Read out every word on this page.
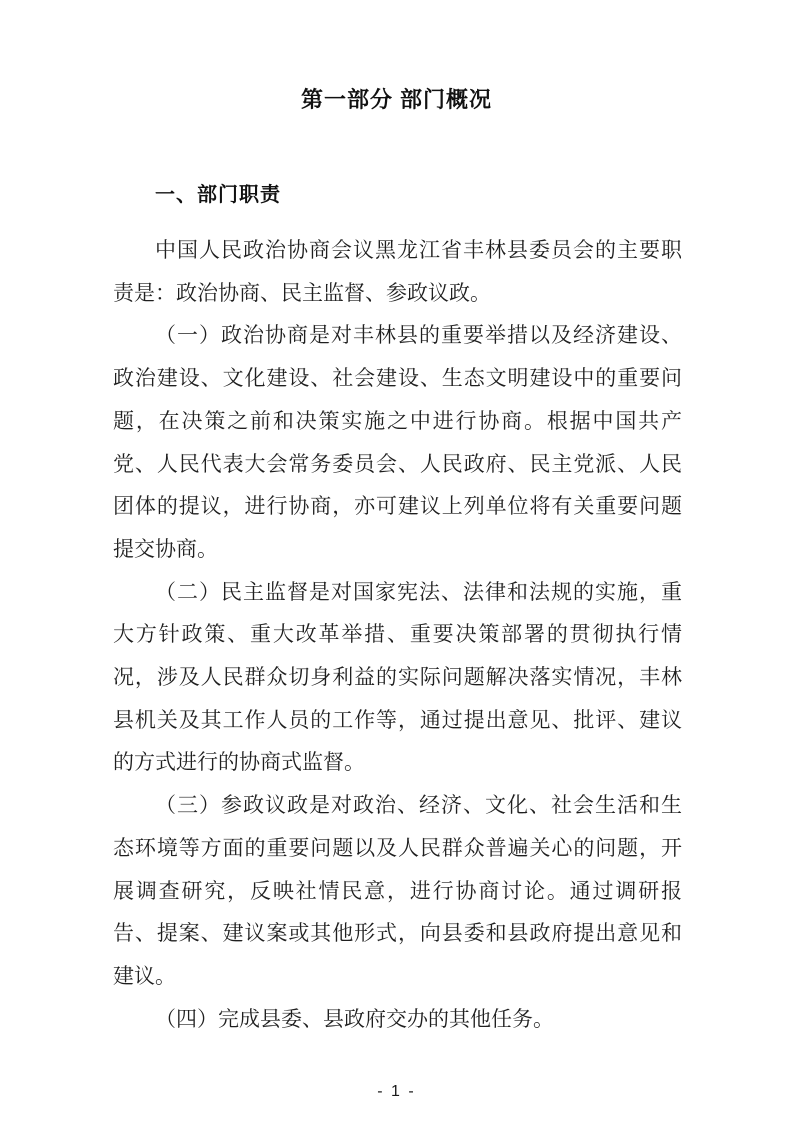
第一部分 部门概况
一、部门职责

中国人民政治协商会议黑龙江省丰林县委员会的主要职
责是：政治协商、民主监督、参政议政。

（一）政治协商是对丰林县的重要举措以及经济建设、
政治建设、文化建设、社会建设、生态文明建设中的重要问
题，在决策之前和决策实施之中进行协商。根据中国共产
党、人民代表大会常务委员会、人民政府、民主党派、人民
团体的提议，进行协商，亦可建议上列单位将有关重要问题
提交协商。

（二）民主监督是对国家宪法、法律和法规的实施，重
大方针政策、重大改革举措、重要决策部署的贯彻执行情
况，涉及人民群众切身利益的实际问题解决落实情况，丰林
县机关及其工作人员的工作等，通过提出意见、批评、建议
的方式进行的协商式监督。

（三）参政议政是对政治、经济、文化、社会生活和生
态环境等方面的重要问题以及人民群众普遍关心的问题，开
展调查研究，反映社情民意，进行协商讨论。通过调研报
告、提案、建议案或其他形式，向县委和县政府提出意见和
建议。

（四）完成县委、县政府交办的其他任务。

- 1 -
